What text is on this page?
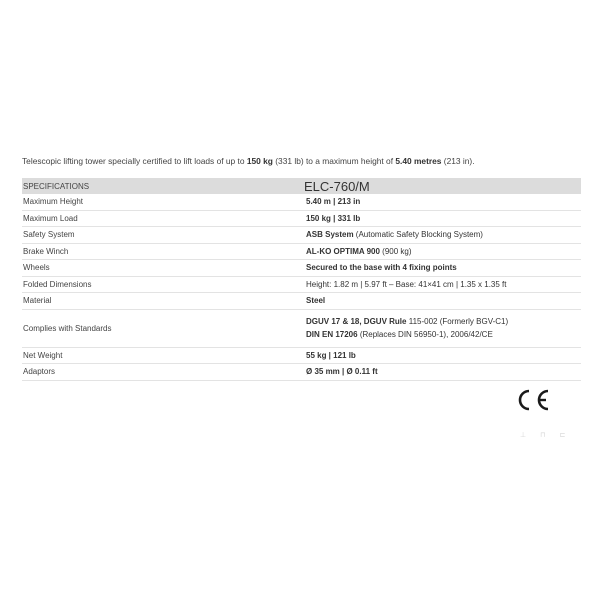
Telescopic lifting tower specially certified to lift loads of up to 150 kg (331 lb) to a maximum height of 5.40 metres (213 in).
SPECIFICATIONS	ELC-760/M
Maximum Height	5.40 m | 213 in
Maximum Load	150 kg | 331 lb
Safety System	ASB System (Automatic Safety Blocking System)
Brake Winch	AL-KO OPTIMA 900 (900 kg)
Wheels	Secured to the base with 4 fixing points
Folded Dimensions	Height: 1.82 m | 5.97 ft – Base: 41×41 cm | 1.35 x 1.35 ft
Material	Steel
Complies with Standards	DGUV 17 & 18, DGUV Rule 115-002 (Formerly BGV-C1)
DIN EN 17206 (Replaces DIN 56950-1), 2006/42/CE

Net Weight	55 kg | 121 lb
Adaptors	Ø 35 mm | Ø 0.11 ft
⊥ ⊓ ⊏
